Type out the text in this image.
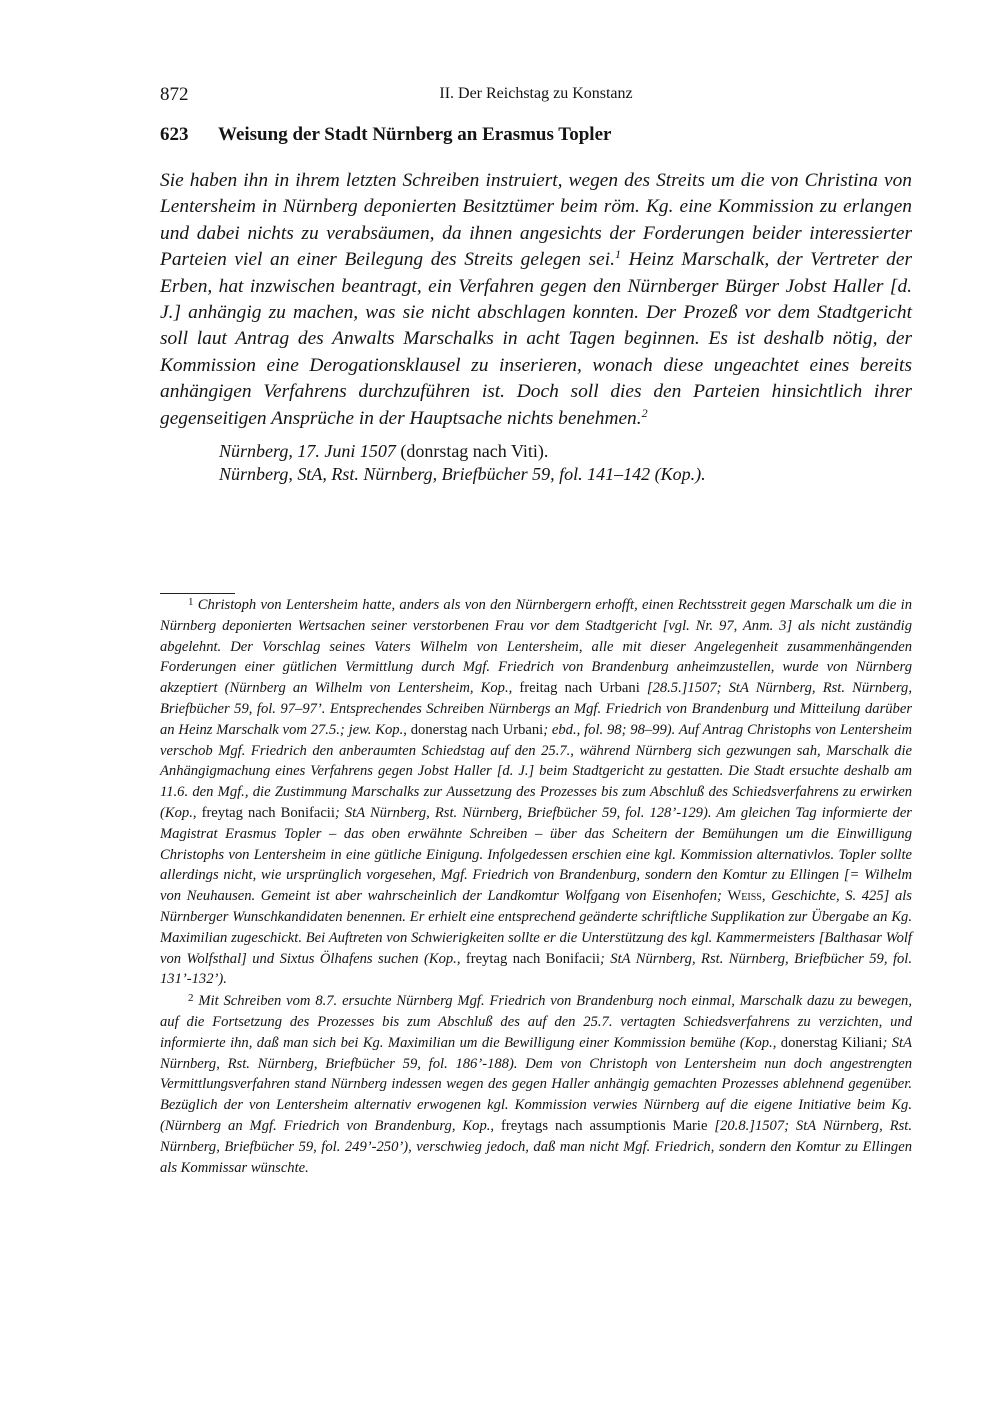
872	II. Der Reichstag zu Konstanz
623 Weisung der Stadt Nürnberg an Erasmus Topler
Sie haben ihn in ihrem letzten Schreiben instruiert, wegen des Streits um die von Christina von Lentersheim in Nürnberg deponierten Besitztümer beim röm. Kg. eine Kommission zu erlangen und dabei nichts zu verabsäumen, da ihnen angesichts der Forderungen beider interessierter Parteien viel an einer Beilegung des Streits gelegen sei.$^1$ Heinz Marschalk, der Vertreter der Erben, hat inzwischen beantragt, ein Verfahren gegen den Nürnberger Bürger Jobst Haller [d. J.] anhängig zu machen, was sie nicht abschlagen konnten. Der Prozeß vor dem Stadtgericht soll laut Antrag des Anwalts Marschalks in acht Tagen beginnen. Es ist deshalb nötig, der Kommission eine Derogationsklausel zu inserieren, wonach diese ungeachtet eines bereits anhängigen Verfahrens durchzuführen ist. Doch soll dies den Parteien hinsichtlich ihrer gegenseitigen Ansprüche in der Hauptsache nichts benehmen.$^2$
Nürnberg, 17. Juni 1507 (donrstag nach Viti).
Nürnberg, StA, Rst. Nürnberg, Briefbücher 59, fol. 141–142 (Kop.).
$^1$ Christoph von Lentersheim hatte, anders als von den Nürnbergern erhofft, einen Rechtsstreit gegen Marschalk um die in Nürnberg deponierten Wertsachen seiner verstorbenen Frau vor dem Stadtgericht [vgl. Nr. 97, Anm. 3] als nicht zuständig abgelehnt. Der Vorschlag seines Vaters Wilhelm von Lentersheim, alle mit dieser Angelegenheit zusammenhängenden Forderungen einer gütlichen Vermittlung durch Mgf. Friedrich von Brandenburg anheimzustellen, wurde von Nürnberg akzeptiert (Nürnberg an Wilhelm von Lentersheim, Kop., freitag nach Urbani [28.5.]1507; StA Nürnberg, Rst. Nürnberg, Briefbücher 59, fol. 97–97’. Entsprechendes Schreiben Nürnbergs an Mgf. Friedrich von Brandenburg und Mitteilung darüber an Heinz Marschalk vom 27.5.; jew. Kop., donerstag nach Urbani; ebd., fol. 98; 98–99). Auf Antrag Christophs von Lentersheim verschob Mgf. Friedrich den anberaumten Schiedstag auf den 25.7., während Nürnberg sich gezwungen sah, Marschalk die Anhängigmachung eines Verfahrens gegen Jobst Haller [d. J.] beim Stadtgericht zu gestatten. Die Stadt ersuchte deshalb am 11.6. den Mgf., die Zustimmung Marschalks zur Aussetzung des Prozesses bis zum Abschluß des Schiedsverfahrens zu erwirken (Kop., freytag nach Bonifacii; StA Nürnberg, Rst. Nürnberg, Briefbücher 59, fol. 128’-129). Am gleichen Tag informierte der Magistrat Erasmus Topler – das oben erwähnte Schreiben – über das Scheitern der Bemühungen um die Einwilligung Christophs von Lentersheim in eine gütliche Einigung. Infolgedessen erschien eine kgl. Kommission alternativlos. Topler sollte allerdings nicht, wie ursprünglich vorgesehen, Mgf. Friedrich von Brandenburg, sondern den Komtur zu Ellingen [= Wilhelm von Neuhausen. Gemeint ist aber wahrscheinlich der Landkomtur Wolfgang von Eisenhofen; Weiss, Geschichte, S. 425] als Nürnberger Wunschkandidaten benennen. Er erhielt eine entsprechend geänderte schriftliche Supplikation zur Übergabe an Kg. Maximilian zugeschickt. Bei Auftreten von Schwierigkeiten sollte er die Unterstützung des kgl. Kammermeisters [Balthasar Wolf von Wolfsthal] und Sixtus Ölhafens suchen (Kop., freytag nach Bonifacii; StA Nürnberg, Rst. Nürnberg, Briefbücher 59, fol. 131’-132’).
$^2$ Mit Schreiben vom 8.7. ersuchte Nürnberg Mgf. Friedrich von Brandenburg noch einmal, Marschalk dazu zu bewegen, auf die Fortsetzung des Prozesses bis zum Abschluß des auf den 25.7. vertagten Schiedsverfahrens zu verzichten, und informierte ihn, daß man sich bei Kg. Maximilian um die Bewilligung einer Kommission bemühe (Kop., donerstag Kiliani; StA Nürnberg, Rst. Nürnberg, Briefbücher 59, fol. 186’-188). Dem von Christoph von Lentersheim nun doch angestrengten Vermittlungsverfahren stand Nürnberg indessen wegen des gegen Haller anhängig gemachten Prozesses ablehnend gegenüber. Bezüglich der von Lentersheim alternativ erwogenen kgl. Kommission verwies Nürnberg auf die eigene Initiative beim Kg. (Nürnberg an Mgf. Friedrich von Brandenburg, Kop., freytags nach assumptionis Marie [20.8.]1507; StA Nürnberg, Rst. Nürnberg, Briefbücher 59, fol. 249’-250’), verschwieg jedoch, daß man nicht Mgf. Friedrich, sondern den Komtur zu Ellingen als Kommissar wünschte.
